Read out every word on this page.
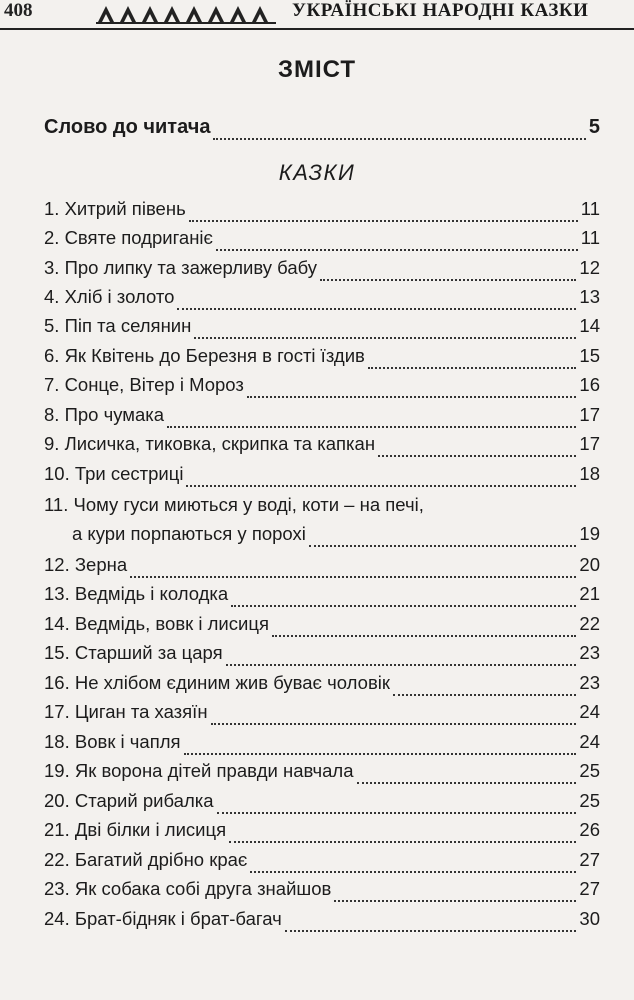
408	УКРАЇНСЬКІ НАРОДНІ КАЗКИ
ЗМІСТ
Слово до читача	5
КАЗКИ
1. Хитрий півень	11
2. Святе подриганіє	11
3. Про липку та зажерливу бабу	12
4. Хліб і золото	13
5. Піп та селянин	14
6. Як Квітень до Березня в гості їздив	15
7. Сонце, Вітер і Мороз	16
8. Про чумака	17
9. Лисичка, тиковка, скрипка та капкан	17
10. Три сестриці	18
11. Чому гуси миються у воді, коти – на печі,
а кури порпаються у порохі	19
12. Зерна	20
13. Ведмідь і колодка	21
14. Ведмідь, вовк і лисиця	22
15. Старший за царя	23
16. Не хлібом єдиним жив буває чоловік	23
17. Циган та хазяїн	24
18. Вовк і чапля	24
19. Як ворона дітей правди навчала	25
20. Старий рибалка	25
21. Дві білки і лисиця	26
22. Багатий дрібно крає	27
23. Як собака собі друга знайшов	27
24. Брат-бідняк і брат-багач	30
